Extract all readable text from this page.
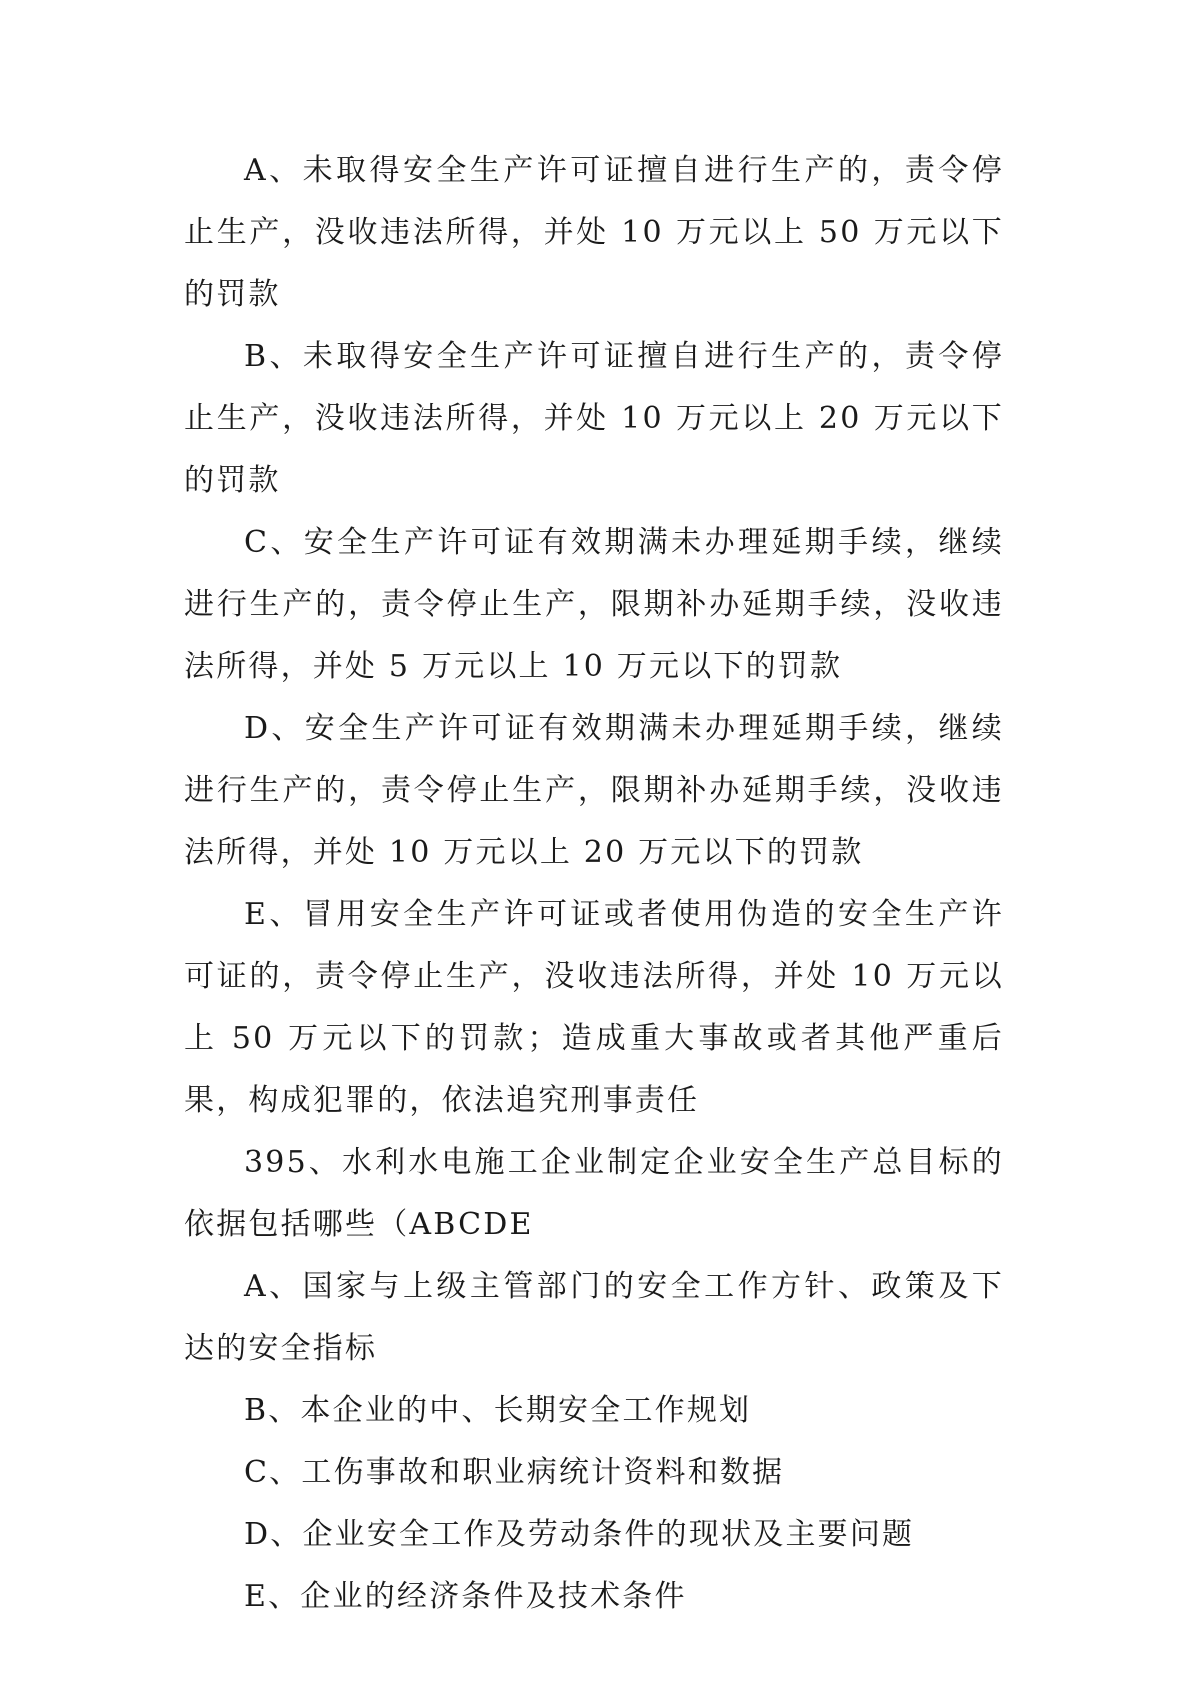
A、未取得安全生产许可证擅自进行生产的，责令停止生产，没收违法所得，并处 10 万元以上 50 万元以下的罚款

B、未取得安全生产许可证擅自进行生产的，责令停止生产，没收违法所得，并处 10 万元以上 20 万元以下的罚款

C、安全生产许可证有效期满未办理延期手续，继续进行生产的，责令停止生产，限期补办延期手续，没收违法所得，并处 5 万元以上 10 万元以下的罚款

D、安全生产许可证有效期满未办理延期手续，继续进行生产的，责令停止生产，限期补办延期手续，没收违法所得，并处 10 万元以上 20 万元以下的罚款

E、冒用安全生产许可证或者使用伪造的安全生产许可证的，责令停止生产，没收违法所得，并处 10 万元以上 50 万元以下的罚款；造成重大事故或者其他严重后果，构成犯罪的，依法追究刑事责任

395、水利水电施工企业制定企业安全生产总目标的依据包括哪些（ABCDE

A、国家与上级主管部门的安全工作方针、政策及下达的安全指标

B、本企业的中、长期安全工作规划

C、工伤事故和职业病统计资料和数据

D、企业安全工作及劳动条件的现状及主要问题

E、企业的经济条件及技术条件
